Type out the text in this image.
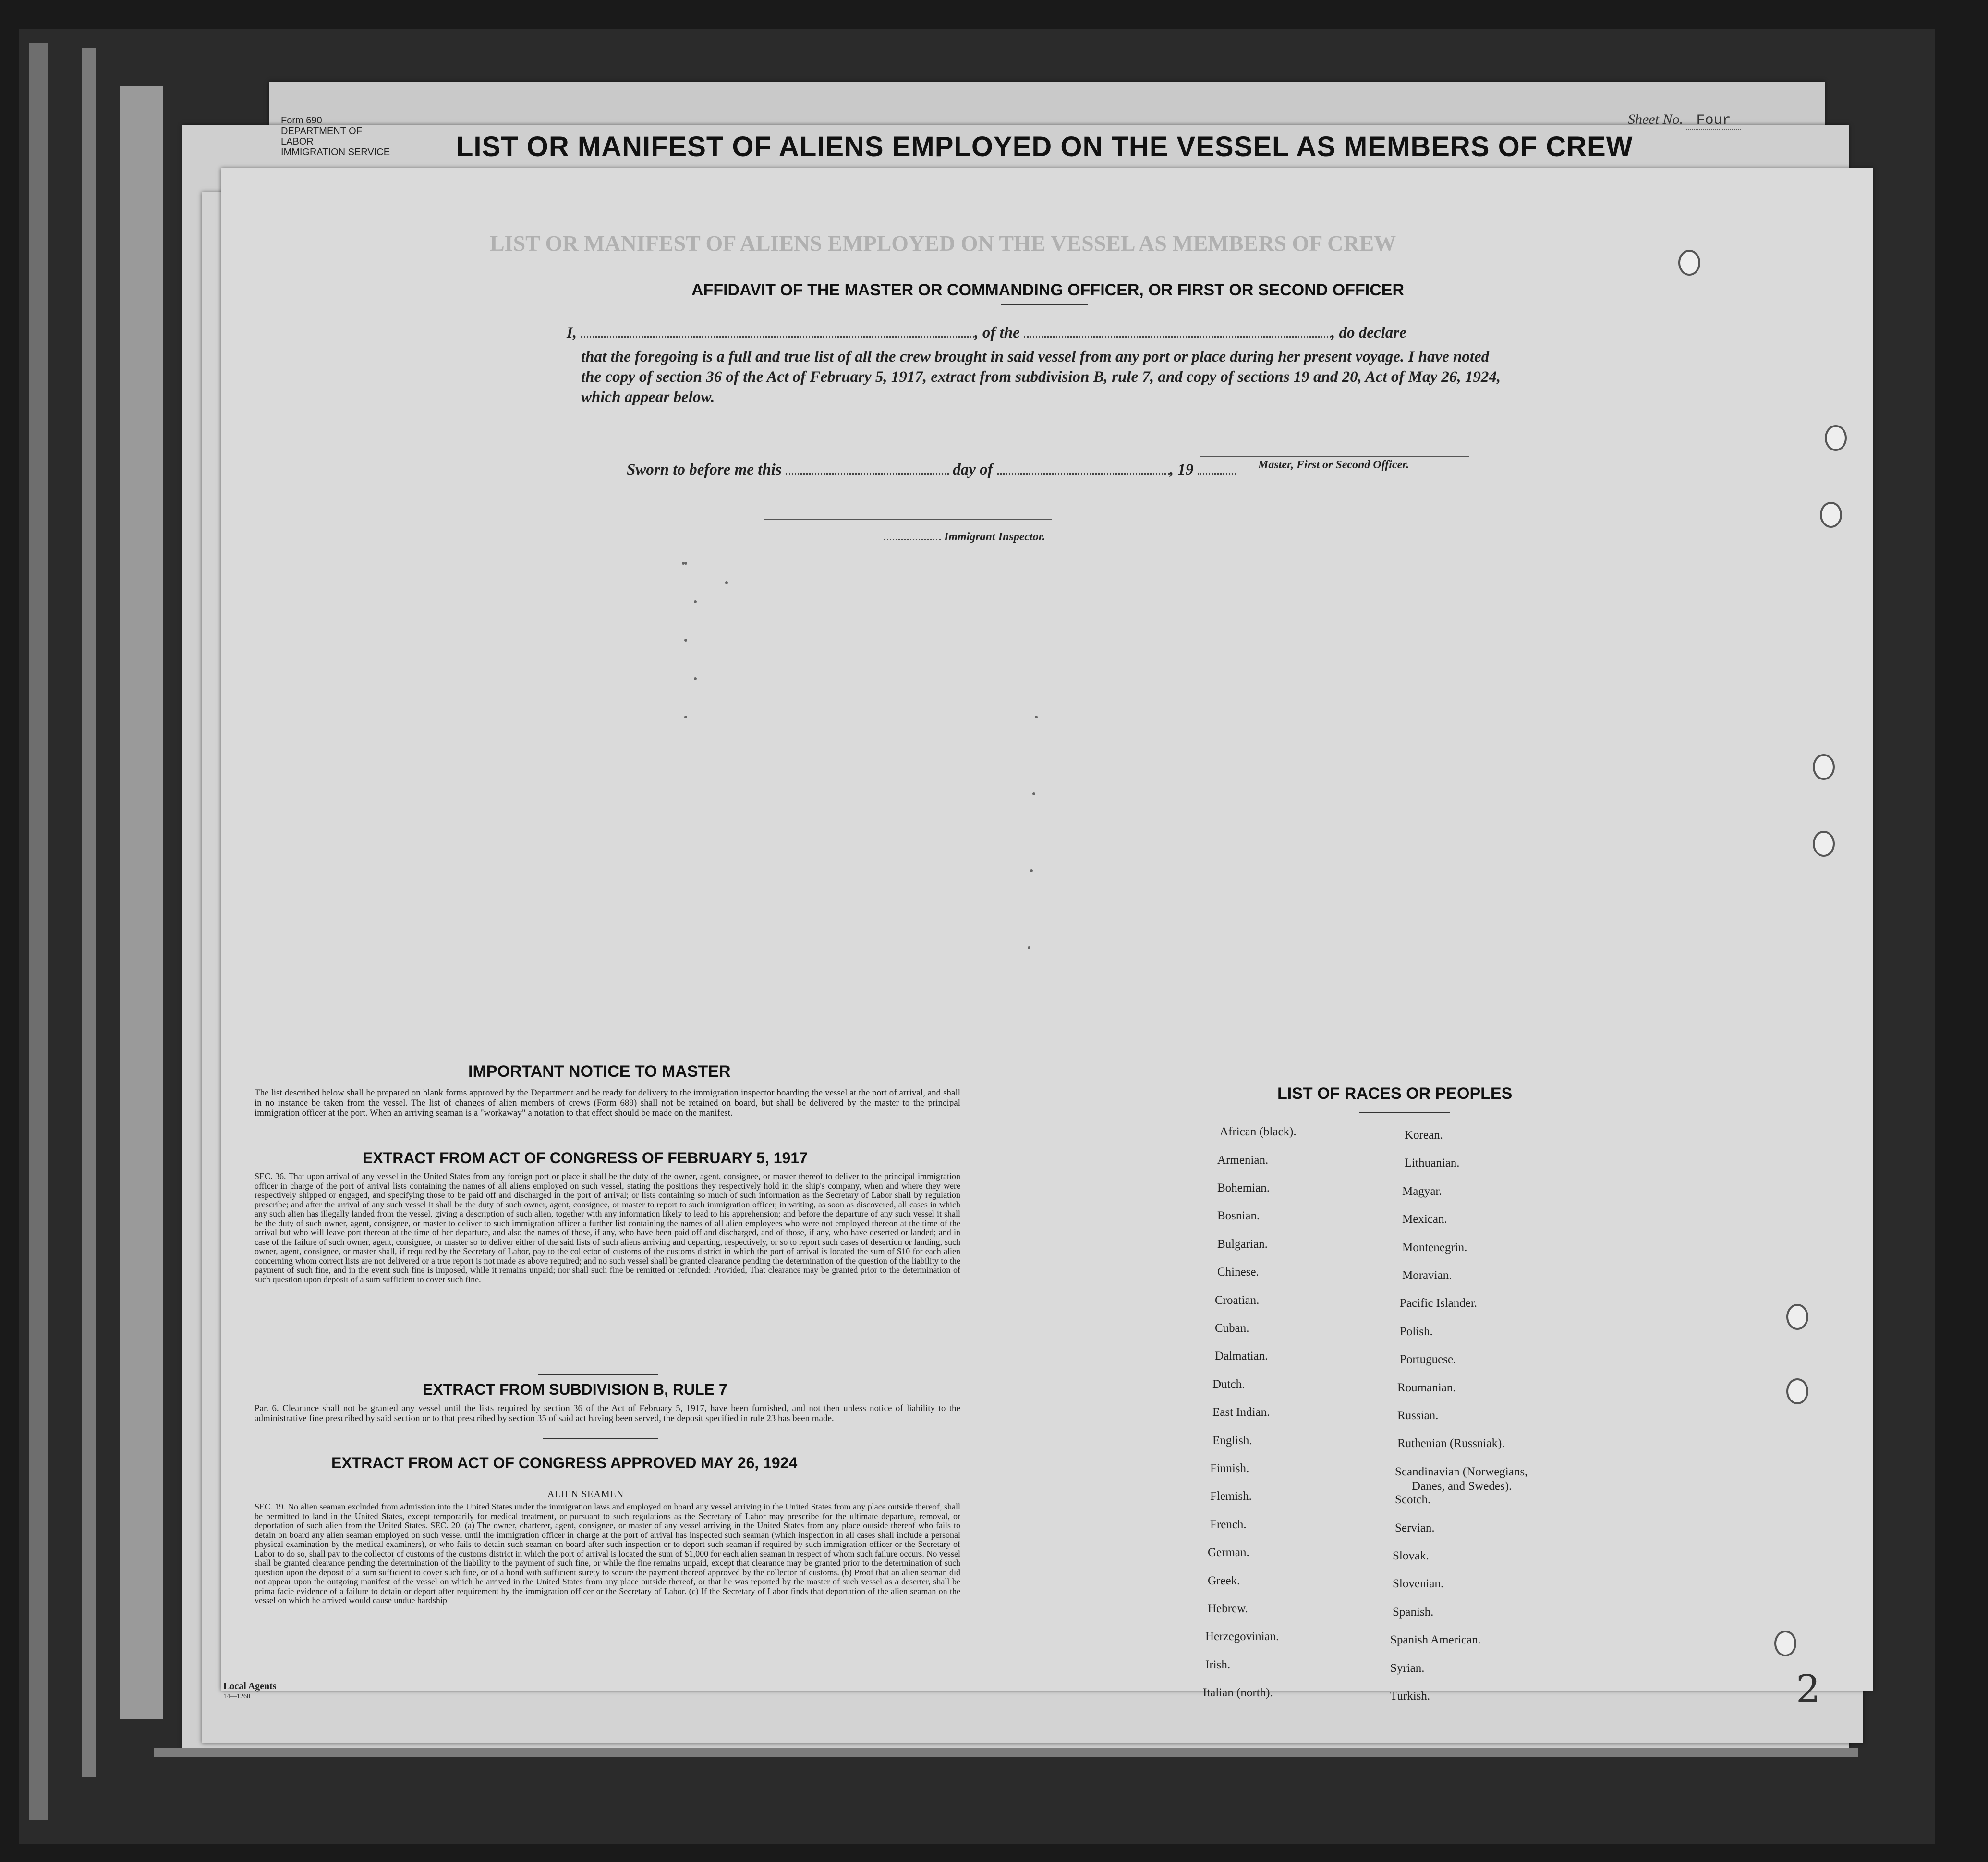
Form 690
DEPARTMENT OF LABOR
IMMIGRATION SERVICE
Sheet No. Four
LIST OR MANIFEST OF ALIENS EMPLOYED ON THE VESSEL AS MEMBERS OF CREW
LIST OR MANIFEST OF ALIENS EMPLOYED ON THE VESSEL AS MEMBERS OF CREW
AFFIDAVIT OF THE MASTER OR COMMANDING OFFICER, OR FIRST OR SECOND OFFICER
I,	, of the	, do declare
that the foregoing is a full and true list of all the crew brought in said vessel from any port or place during her present voyage. I have noted the copy of section 36 of the Act of February 5, 1917, extract from subdivision B, rule 7, and copy of sections 19 and 20, Act of May 26, 1924, which appear below.
Master, First or Second Officer.
Sworn to before me this	day of	, 19
Immigrant Inspector.
IMPORTANT NOTICE TO MASTER
The list described below shall be prepared on blank forms approved by the Department and be ready for delivery to the immigration inspector boarding the vessel at the port of arrival, and shall in no instance be taken from the vessel. The list of changes of alien members of crews (Form 689) shall not be retained on board, but shall be delivered by the master to the principal immigration officer at the port. When an arriving seaman is a "workaway" a notation to that effect should be made on the manifest.
EXTRACT FROM ACT OF CONGRESS OF FEBRUARY 5, 1917
SEC. 36. That upon arrival of any vessel in the United States from any foreign port or place it shall be the duty of the owner, agent, consignee, or master thereof to deliver to the principal immigration officer in charge of the port of arrival lists containing the names of all aliens employed on such vessel, stating the positions they respectively hold in the ship's company, when and where they were respectively shipped or engaged, and specifying those to be paid off and discharged in the port of arrival; or lists containing so much of such information as the Secretary of Labor shall by regulation prescribe; and after the arrival of any such vessel it shall be the duty of such owner, agent, consignee, or master to report to such immigration officer, in writing, as soon as discovered, all cases in which any such alien has illegally landed from the vessel, giving a description of such alien, together with any information likely to lead to his apprehension; and before the departure of any such vessel it shall be the duty of such owner, agent, consignee, or master to deliver to such immigration officer a further list containing the names of all alien employees who were not employed thereon at the time of the arrival but who will leave port thereon at the time of her departure, and also the names of those, if any, who have been paid off and discharged, and of those, if any, who have deserted or landed; and in case of the failure of such owner, agent, consignee, or master so to deliver either of the said lists of such aliens arriving and departing, respectively, or so to report such cases of desertion or landing, such owner, agent, consignee, or master shall, if required by the Secretary of Labor, pay to the collector of customs of the customs district in which the port of arrival is located the sum of $10 for each alien concerning whom correct lists are not delivered or a true report is not made as above required; and no such vessel shall be granted clearance pending the determination of the question of the liability to the payment of such fine, and in the event such fine is imposed, while it remains unpaid; nor shall such fine be remitted or refunded: Provided, That clearance may be granted prior to the determination of such question upon deposit of a sum sufficient to cover such fine.
EXTRACT FROM SUBDIVISION B, RULE 7
Par. 6. Clearance shall not be granted any vessel until the lists required by section 36 of the Act of February 5, 1917, have been furnished, and not then unless notice of liability to the administrative fine prescribed by said section or to that prescribed by section 35 of said act having been served, the deposit specified in rule 23 has been made.
EXTRACT FROM ACT OF CONGRESS APPROVED MAY 26, 1924
ALIEN SEAMEN
SEC. 19. No alien seaman excluded from admission into the United States under the immigration laws and employed on board any vessel arriving in the United States from any place outside thereof, shall be permitted to land in the United States, except temporarily for medical treatment, or pursuant to such regulations as the Secretary of Labor may prescribe for the ultimate departure, removal, or deportation of such alien from the United States. SEC. 20. (a) The owner, charterer, agent, consignee, or master of any vessel arriving in the United States from any place outside thereof who fails to detain on board any alien seaman employed on such vessel until the immigration officer in charge at the port of arrival has inspected such seaman (which inspection in all cases shall include a personal physical examination by the medical examiners), or who fails to detain such seaman on board after such inspection or to deport such seaman if required by such immigration officer or the Secretary of Labor to do so, shall pay to the collector of customs of the customs district in which the port of arrival is located the sum of $1,000 for each alien seaman in respect of whom such failure occurs. No vessel shall be granted clearance pending the determination of the liability to the payment of such fine, or while the fine remains unpaid, except that clearance may be granted prior to the determination of such question upon the deposit of a sum sufficient to cover such fine, or of a bond with sufficient surety to secure the payment thereof approved by the collector of customs. (b) Proof that an alien seaman did not appear upon the outgoing manifest of the vessel on which he arrived in the United States from any place outside thereof, or that he was reported by the master of such vessel as a deserter, shall be prima facie evidence of a failure to detain or deport after requirement by the immigration officer or the Secretary of Labor. (c) If the Secretary of Labor finds that deportation of the alien seaman on the vessel on which he arrived would cause undue hardship
Local Agents
14—1260
LIST OF RACES OR PEOPLES
African (black).
Armenian.
Bohemian.
Bosnian.
Bulgarian.
Chinese.
Croatian.
Cuban.
Dalmatian.
Dutch.
East Indian.
English.
Finnish.
Flemish.
French.
German.
Greek.
Hebrew.
Herzegovinian.
Irish.
Italian (north).
Korean.
Lithuanian.
Magyar.
Mexican.
Montenegrin.
Moravian.
Pacific Islander.
Polish.
Portuguese.
Roumanian.
Russian.
Ruthenian (Russniak).
Scandinavian (Norwegians,
Danes, and Swedes).
Scotch.
Servian.
Slovak.
Slovenian.
Spanish.
Spanish American.
Syrian.
Turkish.	2
